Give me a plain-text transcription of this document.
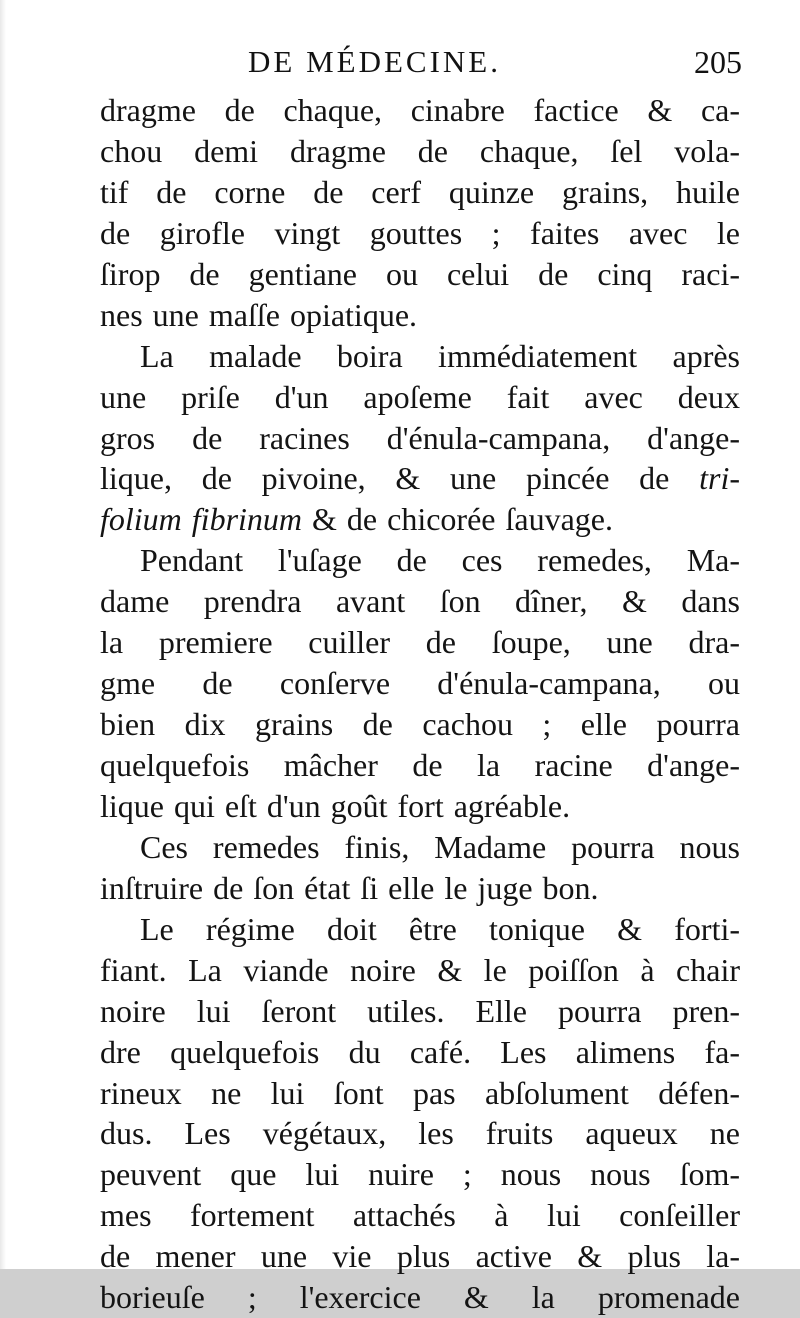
DE MÉDECINE.	205
dragme de chaque, cinabre factice & ca-
chou demi dragme de chaque, ſel vola-
tif de corne de cerf quinze grains, huile
de girofle vingt gouttes ; faites avec le
ſirop de gentiane ou celui de cinq raci-
nes une maſſe opiatique.
La malade boira immédiatement après
une priſe d'un apoſeme fait avec deux
gros de racines d'énula-campana, d'ange-
lique, de pivoine, & une pincée de tri-
folium fibrinum & de chicorée ſauvage.
Pendant l'uſage de ces remedes, Ma-
dame prendra avant ſon dîner, & dans
la premiere cuiller de ſoupe, une dra-
gme de conſerve d'énula-campana, ou
bien dix grains de cachou ; elle pourra
quelquefois mâcher de la racine d'ange-
lique qui eſt d'un goût fort agréable.
Ces remedes finis, Madame pourra nous
inſtruire de ſon état ſi elle le juge bon.
Le régime doit être tonique & forti-
fiant. La viande noire & le poiſſon à chair
noire lui ſeront utiles. Elle pourra pren-
dre quelquefois du café. Les alimens fa-
rineux ne lui ſont pas abſolument défen-
dus. Les végétaux, les fruits aqueux ne
peuvent que lui nuire ; nous nous ſom-
mes fortement attachés à lui conſeiller
de mener une vie plus active & plus la-
borieuſe ; l'exercice & la promenade
